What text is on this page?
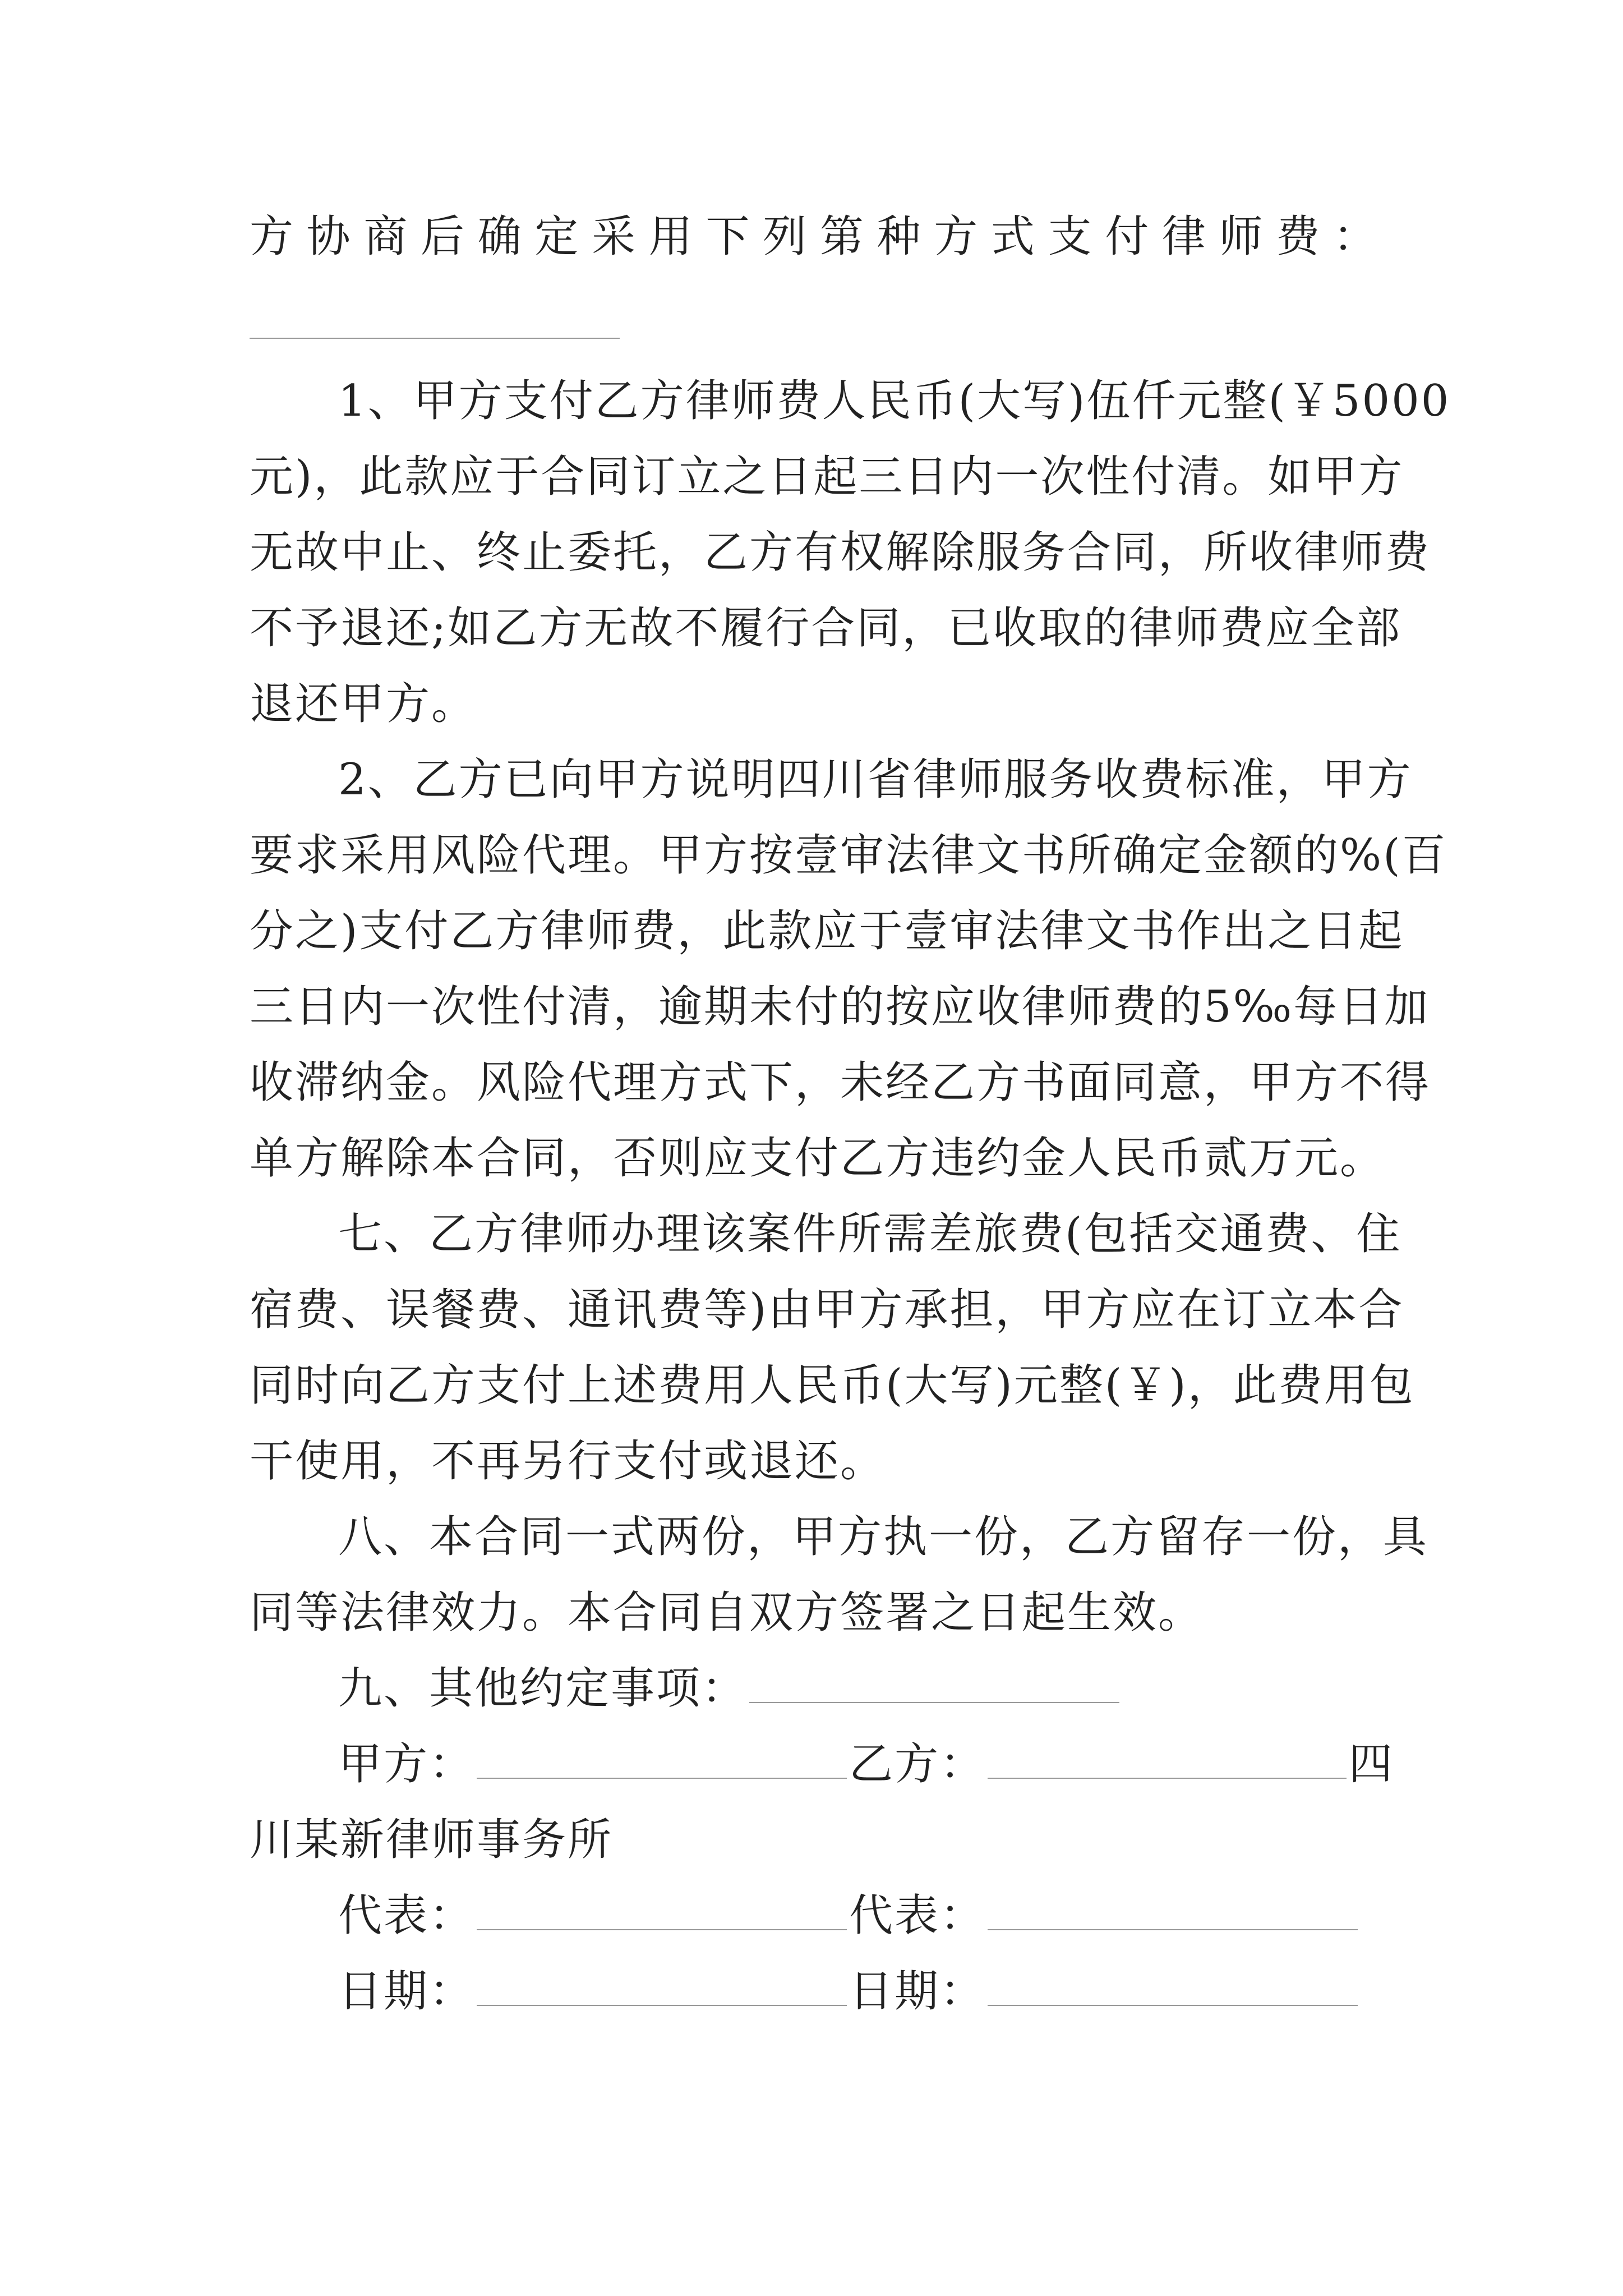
方协商后确定采用下列第种方式支付律师费：
1、甲方支付乙方律师费人民币(大写)伍仟元整(￥5000
元)，此款应于合同订立之日起三日内一次性付清。如甲方
无故中止、终止委托，乙方有权解除服务合同，所收律师费
不予退还;如乙方无故不履行合同，已收取的律师费应全部
退还甲方。
2、乙方已向甲方说明四川省律师服务收费标准，甲方
要求采用风险代理。甲方按壹审法律文书所确定金额的%(百
分之)支付乙方律师费，此款应于壹审法律文书作出之日起
三日内一次性付清，逾期未付的按应收律师费的5‰每日加
收滞纳金。风险代理方式下，未经乙方书面同意，甲方不得
单方解除本合同，否则应支付乙方违约金人民币贰万元。
七、乙方律师办理该案件所需差旅费(包括交通费、住
宿费、误餐费、通讯费等)由甲方承担，甲方应在订立本合
同时向乙方支付上述费用人民币(大写)元整(￥)，此费用包
干使用，不再另行支付或退还。
八、本合同一式两份，甲方执一份，乙方留存一份，具
同等法律效力。本合同自双方签署之日起生效。
九、其他约定事项：
甲方：	乙方：	四
川某新律师事务所
代表：	代表：
日期：	日期：
